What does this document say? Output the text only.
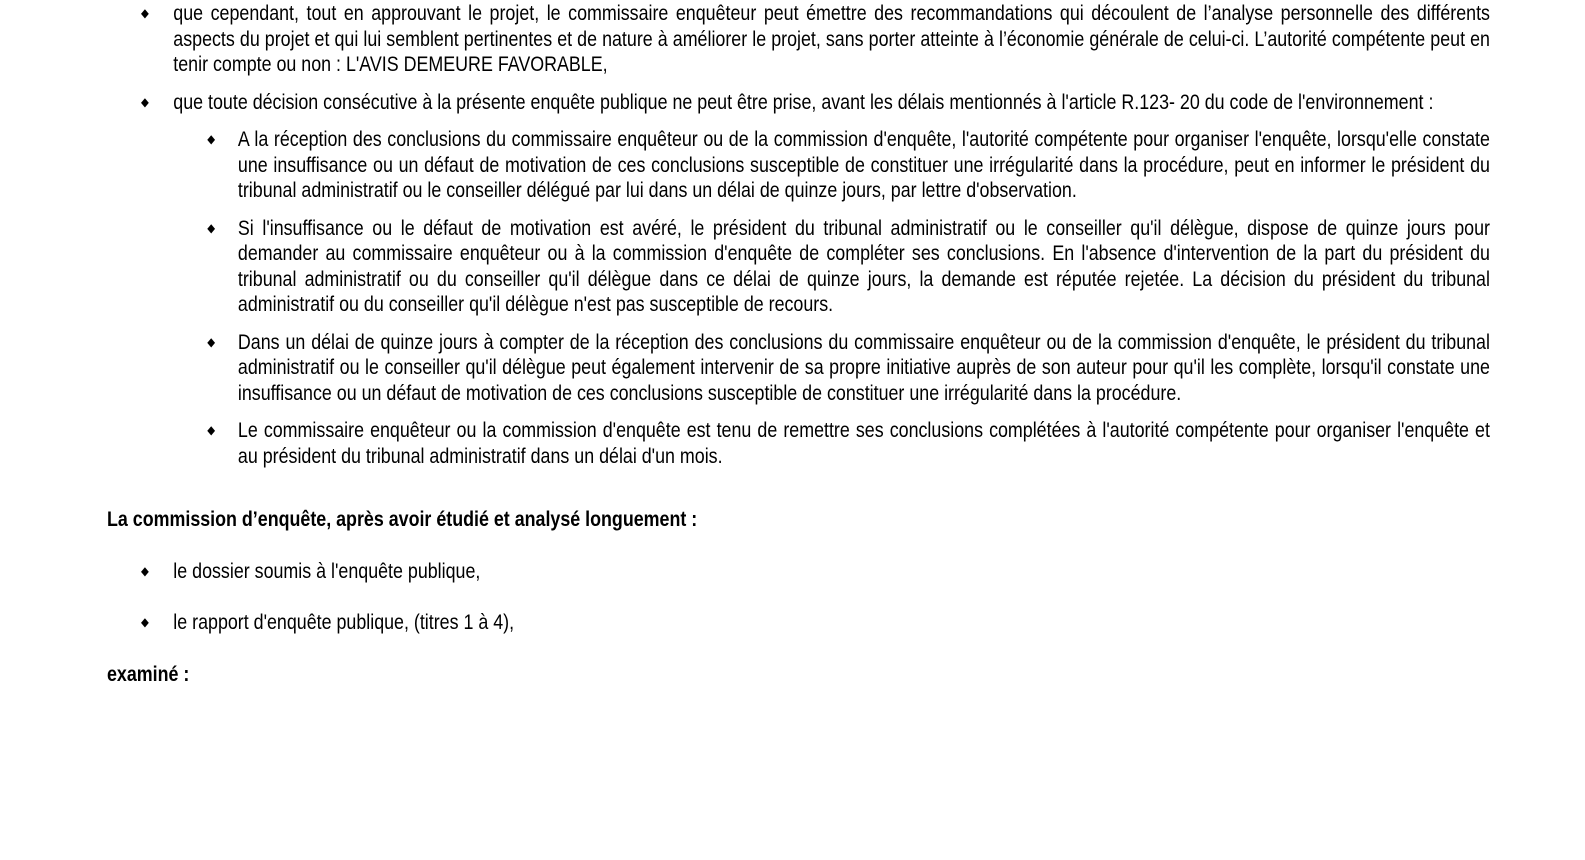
◆ que cependant, tout en approuvant le projet, le commissaire enquêteur peut émettre des recommandations qui découlent de l’analyse personnelle des différents aspects du projet et qui lui semblent pertinentes et de nature à améliorer le projet, sans porter atteinte à l’économie générale de celui-ci. L’autorité compétente peut en tenir compte ou non : L'AVIS DEMEURE FAVORABLE,
◆ que toute décision consécutive à la présente enquête publique ne peut être prise, avant les délais mentionnés à l'article R.123- 20 du code de l'environnement :
◆ A la réception des conclusions du commissaire enquêteur ou de la commission d'enquête, l'autorité compétente pour organiser l'enquête, lorsqu'elle constate une insuffisance ou un défaut de motivation de ces conclusions susceptible de constituer une irrégularité dans la procédure, peut en informer le président du tribunal administratif ou le conseiller délégué par lui dans un délai de quinze jours, par lettre d'observation.
◆ Si l'insuffisance ou le défaut de motivation est avéré, le président du tribunal administratif ou le conseiller qu'il délègue, dispose de quinze jours pour demander au commissaire enquêteur ou à la commission d'enquête de compléter ses conclusions. En l'absence d'intervention de la part du président du tribunal administratif ou du conseiller qu'il délègue dans ce délai de quinze jours, la demande est réputée rejetée. La décision du président du tribunal administratif ou du conseiller qu'il délègue n'est pas susceptible de recours.
◆ Dans un délai de quinze jours à compter de la réception des conclusions du commissaire enquêteur ou de la commission d'enquête, le président du tribunal administratif ou le conseiller qu'il délègue peut également intervenir de sa propre initiative auprès de son auteur pour qu'il les complète, lorsqu'il constate une insuffisance ou un défaut de motivation de ces conclusions susceptible de constituer une irrégularité dans la procédure.
◆ Le commissaire enquêteur ou la commission d'enquête est tenu de remettre ses conclusions complétées à l'autorité compétente pour organiser l'enquête et au président du tribunal administratif dans un délai d'un mois.
La commission d’enquête, après avoir étudié et analysé longuement :
◆ le dossier soumis à l'enquête publique,
◆ le rapport d'enquête publique, (titres 1 à 4),
examiné :
